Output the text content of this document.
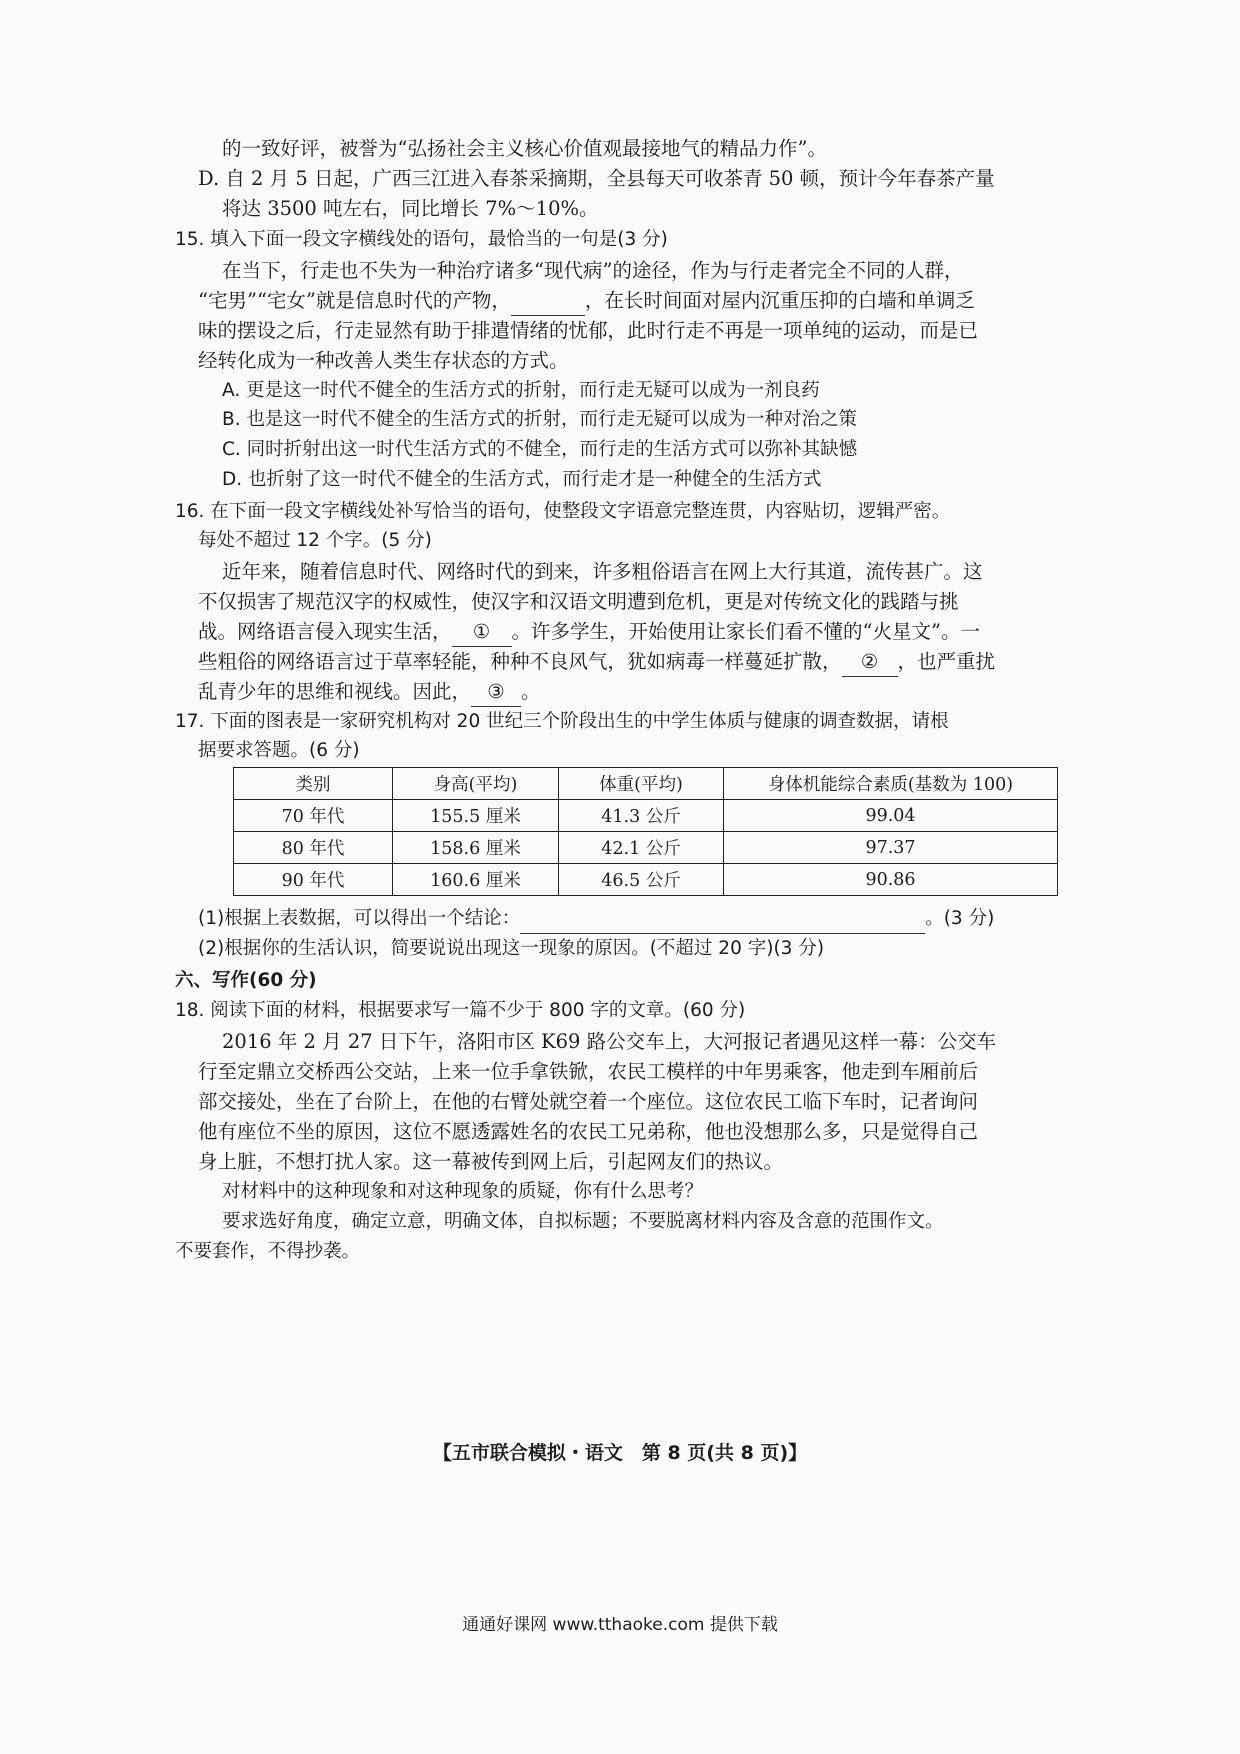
的一致好评，被誉为“弘扬社会主义核心价值观最接地气的精品力作”。
D. 自 2 月 5 日起，广西三江进入春茶采摘期，全县每天可收茶青 50 顿，预计今年春茶产量
将达 3500 吨左右，同比增长 7%～10%。
15. 填入下面一段文字横线处的语句，最恰当的一句是(3 分)
在当下，行走也不失为一种治疗诸多“现代病”的途径，作为与行走者完全不同的人群，
“宅男”“宅女”就是信息时代的产物，	，在长时间面对屋内沉重压抑的白墙和单调乏
味的摆设之后，行走显然有助于排遣情绪的忧郁，此时行走不再是一项单纯的运动，而是已
经转化成为一种改善人类生存状态的方式。
A. 更是这一时代不健全的生活方式的折射，而行走无疑可以成为一剂良药
B. 也是这一时代不健全的生活方式的折射，而行走无疑可以成为一种对治之策
C. 同时折射出这一时代生活方式的不健全，而行走的生活方式可以弥补其缺憾
D. 也折射了这一时代不健全的生活方式，而行走才是一种健全的生活方式
16. 在下面一段文字横线处补写恰当的语句，使整段文字语意完整连贯，内容贴切，逻辑严密。
每处不超过 12 个字。(5 分)
近年来，随着信息时代、网络时代的到来，许多粗俗语言在网上大行其道，流传甚广。这
不仅损害了规范汉字的权威性，使汉字和汉语文明遭到危机，更是对传统文化的践踏与挑
战。网络语言侵入现实生活， ① 。许多学生，开始使用让家长们看不懂的“火星文”。一
些粗俗的网络语言过于草率轻能，种种不良风气，犹如病毒一样蔓延扩散， ② ，也严重扰
乱青少年的思维和视线。因此， ③ 。
17. 下面的图表是一家研究机构对 20 世纪三个阶段出生的中学生体质与健康的调查数据，请根
据要求答题。(6 分)
类别	身高(平均)	体重(平均)	身体机能综合素质(基数为 100)
70 年代	155.5 厘米	41.3 公斤	99.04
80 年代	158.6 厘米	42.1 公斤	97.37
90 年代	160.6 厘米	46.5 公斤	90.86
(1)根据上表数据，可以得出一个结论：	。(3 分)
(2)根据你的生活认识，简要说说出现这一现象的原因。(不超过 20 字)(3 分)
六、写作(60 分)
18. 阅读下面的材料，根据要求写一篇不少于 800 字的文章。(60 分)
2016 年 2 月 27 日下午，洛阳市区 K69 路公交车上，大河报记者遇见这样一幕：公交车
行至定鼎立交桥西公交站，上来一位手拿铁锨，农民工模样的中年男乘客，他走到车厢前后
部交接处，坐在了台阶上，在他的右臂处就空着一个座位。这位农民工临下车时，记者询问
他有座位不坐的原因，这位不愿透露姓名的农民工兄弟称，他也没想那么多，只是觉得自己
身上脏，不想打扰人家。这一幕被传到网上后，引起网友们的热议。
对材料中的这种现象和对这种现象的质疑，你有什么思考？
要求选好角度，确定立意，明确文体，自拟标题；不要脱离材料内容及含意的范围作文。
不要套作，不得抄袭。
【五市联合模拟・语文　第 8 页(共 8 页)】
通通好课网 www.tthaoke.com 提供下载
